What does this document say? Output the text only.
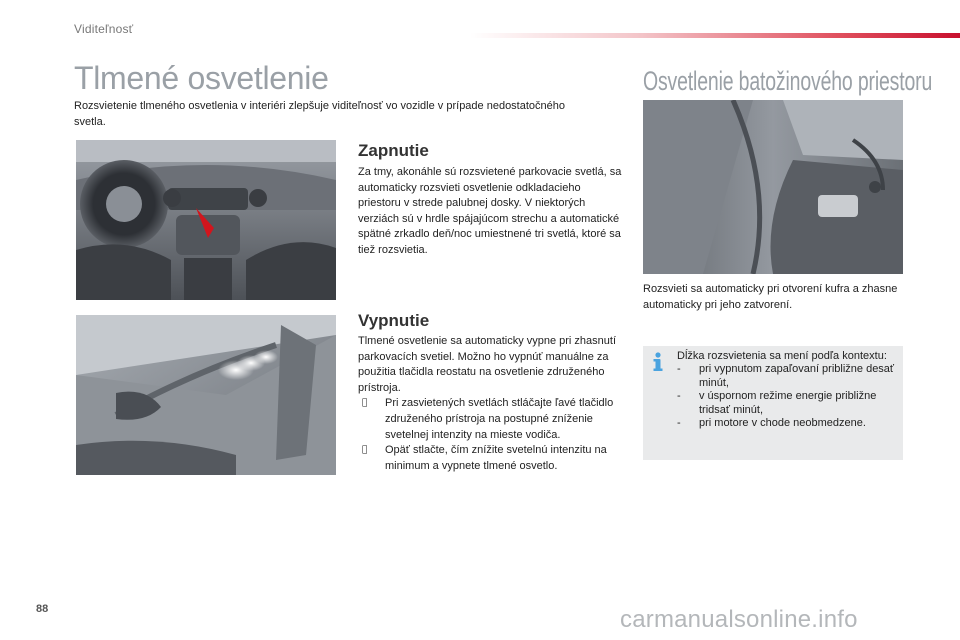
Viditeľnosť
Tlmené osvetlenie
Rozsvietenie tlmeného osvetlenia v interiéri zlepšuje viditeľnosť vo vozidle v prípade nedostatočného svetla.
Osvetlenie batožinového priestoru
Zapnutie
Za tmy, akonáhle sú rozsvietené parkovacie svetlá, sa automaticky rozsvieti osvetlenie odkladacieho priestoru v strede palubnej dosky. V niektorých verziách sú v hrdle spájajúcom strechu a automatické spätné zrkadlo deň/noc umiestnené tri svetlá, ktoré sa tiež rozsvietia.
Vypnutie
Tlmené osvetlenie sa automaticky vypne pri zhasnutí parkovacích svetiel. Možno ho vypnúť manuálne za použitia tlačidla reostatu na osvetlenie združeného prístroja.
Pri zasvietených svetlách stláčajte ľavé tlačidlo združeného prístroja na postupné zníženie svetelnej intenzity na mieste vodiča.
Opäť stlačte, čím znížite svetelnú intenzitu na minimum a vypnete tlmené osvetlo.
Rozsvieti sa automaticky pri otvorení kufra a zhasne automaticky pri jeho zatvorení.
Dĺžka rozsvietenia sa mení podľa kontextu:
- pri vypnutom zapaľovaní približne desať minút,
- v úspornom režime energie približne tridsať minút,
- pri motore v chode neobmedzene.
88	carmanualsonline.info
